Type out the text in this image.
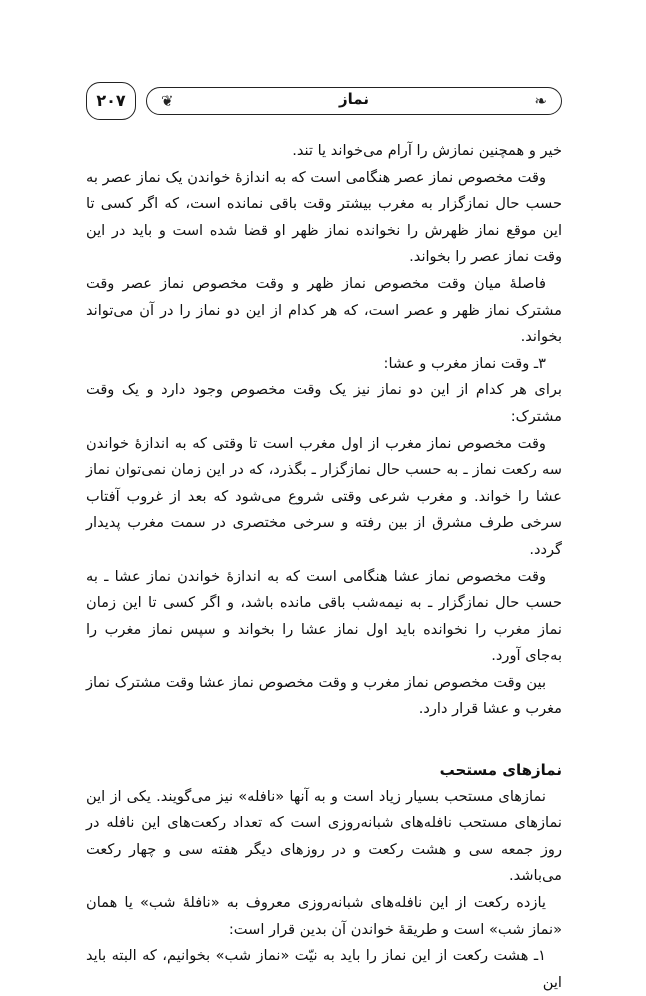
❦	نماز	❧
۲۰۷

خیر و همچنین نمازش را آرام می‌خواند یا تند.

وقت مخصوص نماز عصر هنگامی است که به اندازۀ خواندن یک نماز عصر به حسب حال نمازگزار به مغرب بیشتر وقت باقی نمانده است، که اگر کسی تا این موقع نماز ظهرش را نخوانده نماز ظهر او قضا شده است و باید در این وقت نماز عصر را بخواند.

فاصلۀ میان وقت مخصوص نماز ظهر و وقت مخصوص نماز عصر وقت مشترک نماز ظهر و عصر است، که هر کدام از این دو نماز را در آن می‌تواند بخواند.

۳ـ وقت نماز مغرب و عشا:

برای هر کدام از این دو نماز نیز یک وقت مخصوص وجود دارد و یک وقت مشترک:

وقت مخصوص نماز مغرب از اول مغرب است تا وقتی که به اندازۀ خواندن سه رکعت نماز ـ به حسب حال نمازگزار ـ بگذرد، که در این زمان نمی‌توان نماز عشا را خواند. و مغرب شرعی وقتی شروع می‌شود که بعد از غروب آفتاب سرخی طرف مشرق از بین رفته و سرخی مختصری در سمت مغرب پدیدار گردد.

وقت مخصوص نماز عشا هنگامی است که به اندازۀ خواندن نماز عشا ـ به حسب حال نمازگزار ـ به نیمه‌شب باقی مانده باشد، و اگر کسی تا این زمان نماز مغرب را نخوانده باید اول نماز عشا را بخواند و سپس نماز مغرب را به‌جای آورد.

بین وقت مخصوص نماز مغرب و وقت مخصوص نماز عشا وقت مشترک نماز مغرب و عشا قرار دارد.

نمازهای مستحب

نمازهای مستحب بسیار زیاد است و به آنها «نافله» نیز می‌گویند. یکی از این نمازهای مستحب نافله‌های شبانه‌روزی است که تعداد رکعت‌های این نافله در روز جمعه سی و هشت رکعت و در روزهای دیگر هفته سی و چهار رکعت می‌باشد.

یازده رکعت از این نافله‌های شبانه‌روزی معروف به «نافلۀ شب» یا همان «نماز شب» است و طریقۀ خواندن آن بدین قرار است:

۱ـ هشت رکعت از این نماز را باید به نیّت «نماز شب» بخوانیم، که البته باید این
